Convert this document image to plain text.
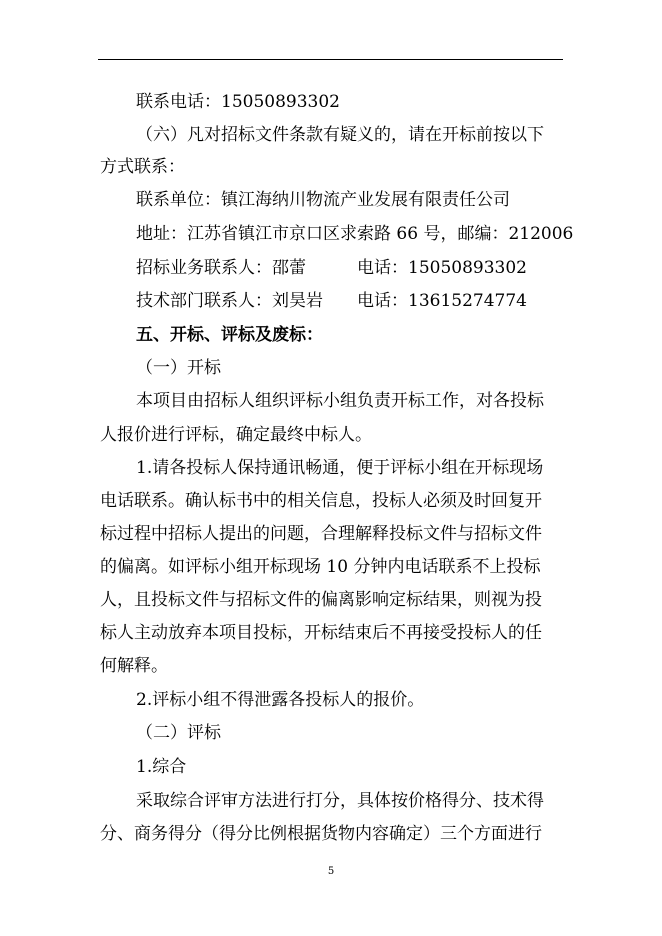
联系电话：15050893302
（六）凡对招标文件条款有疑义的，请在开标前按以下
方式联系：
联系单位：镇江海纳川物流产业发展有限责任公司
地址：江苏省镇江市京口区求索路 66 号，邮编：212006
招标业务联系人：邵蕾	电话：15050893302
技术部门联系人：刘昊岩 电话：13615274774
五、开标、评标及废标：
（一）开标
本项目由招标人组织评标小组负责开标工作，对各投标
人报价进行评标，确定最终中标人。
1.请各投标人保持通讯畅通，便于评标小组在开标现场
电话联系。确认标书中的相关信息，投标人必须及时回复开
标过程中招标人提出的问题，合理解释投标文件与招标文件
的偏离。如评标小组开标现场 10 分钟内电话联系不上投标
人，且投标文件与招标文件的偏离影响定标结果，则视为投
标人主动放弃本项目投标，开标结束后不再接受投标人的任
何解释。
2.评标小组不得泄露各投标人的报价。
（二）评标
1.综合
采取综合评审方法进行打分，具体按价格得分、技术得
分、商务得分（得分比例根据货物内容确定）三个方面进行
5
